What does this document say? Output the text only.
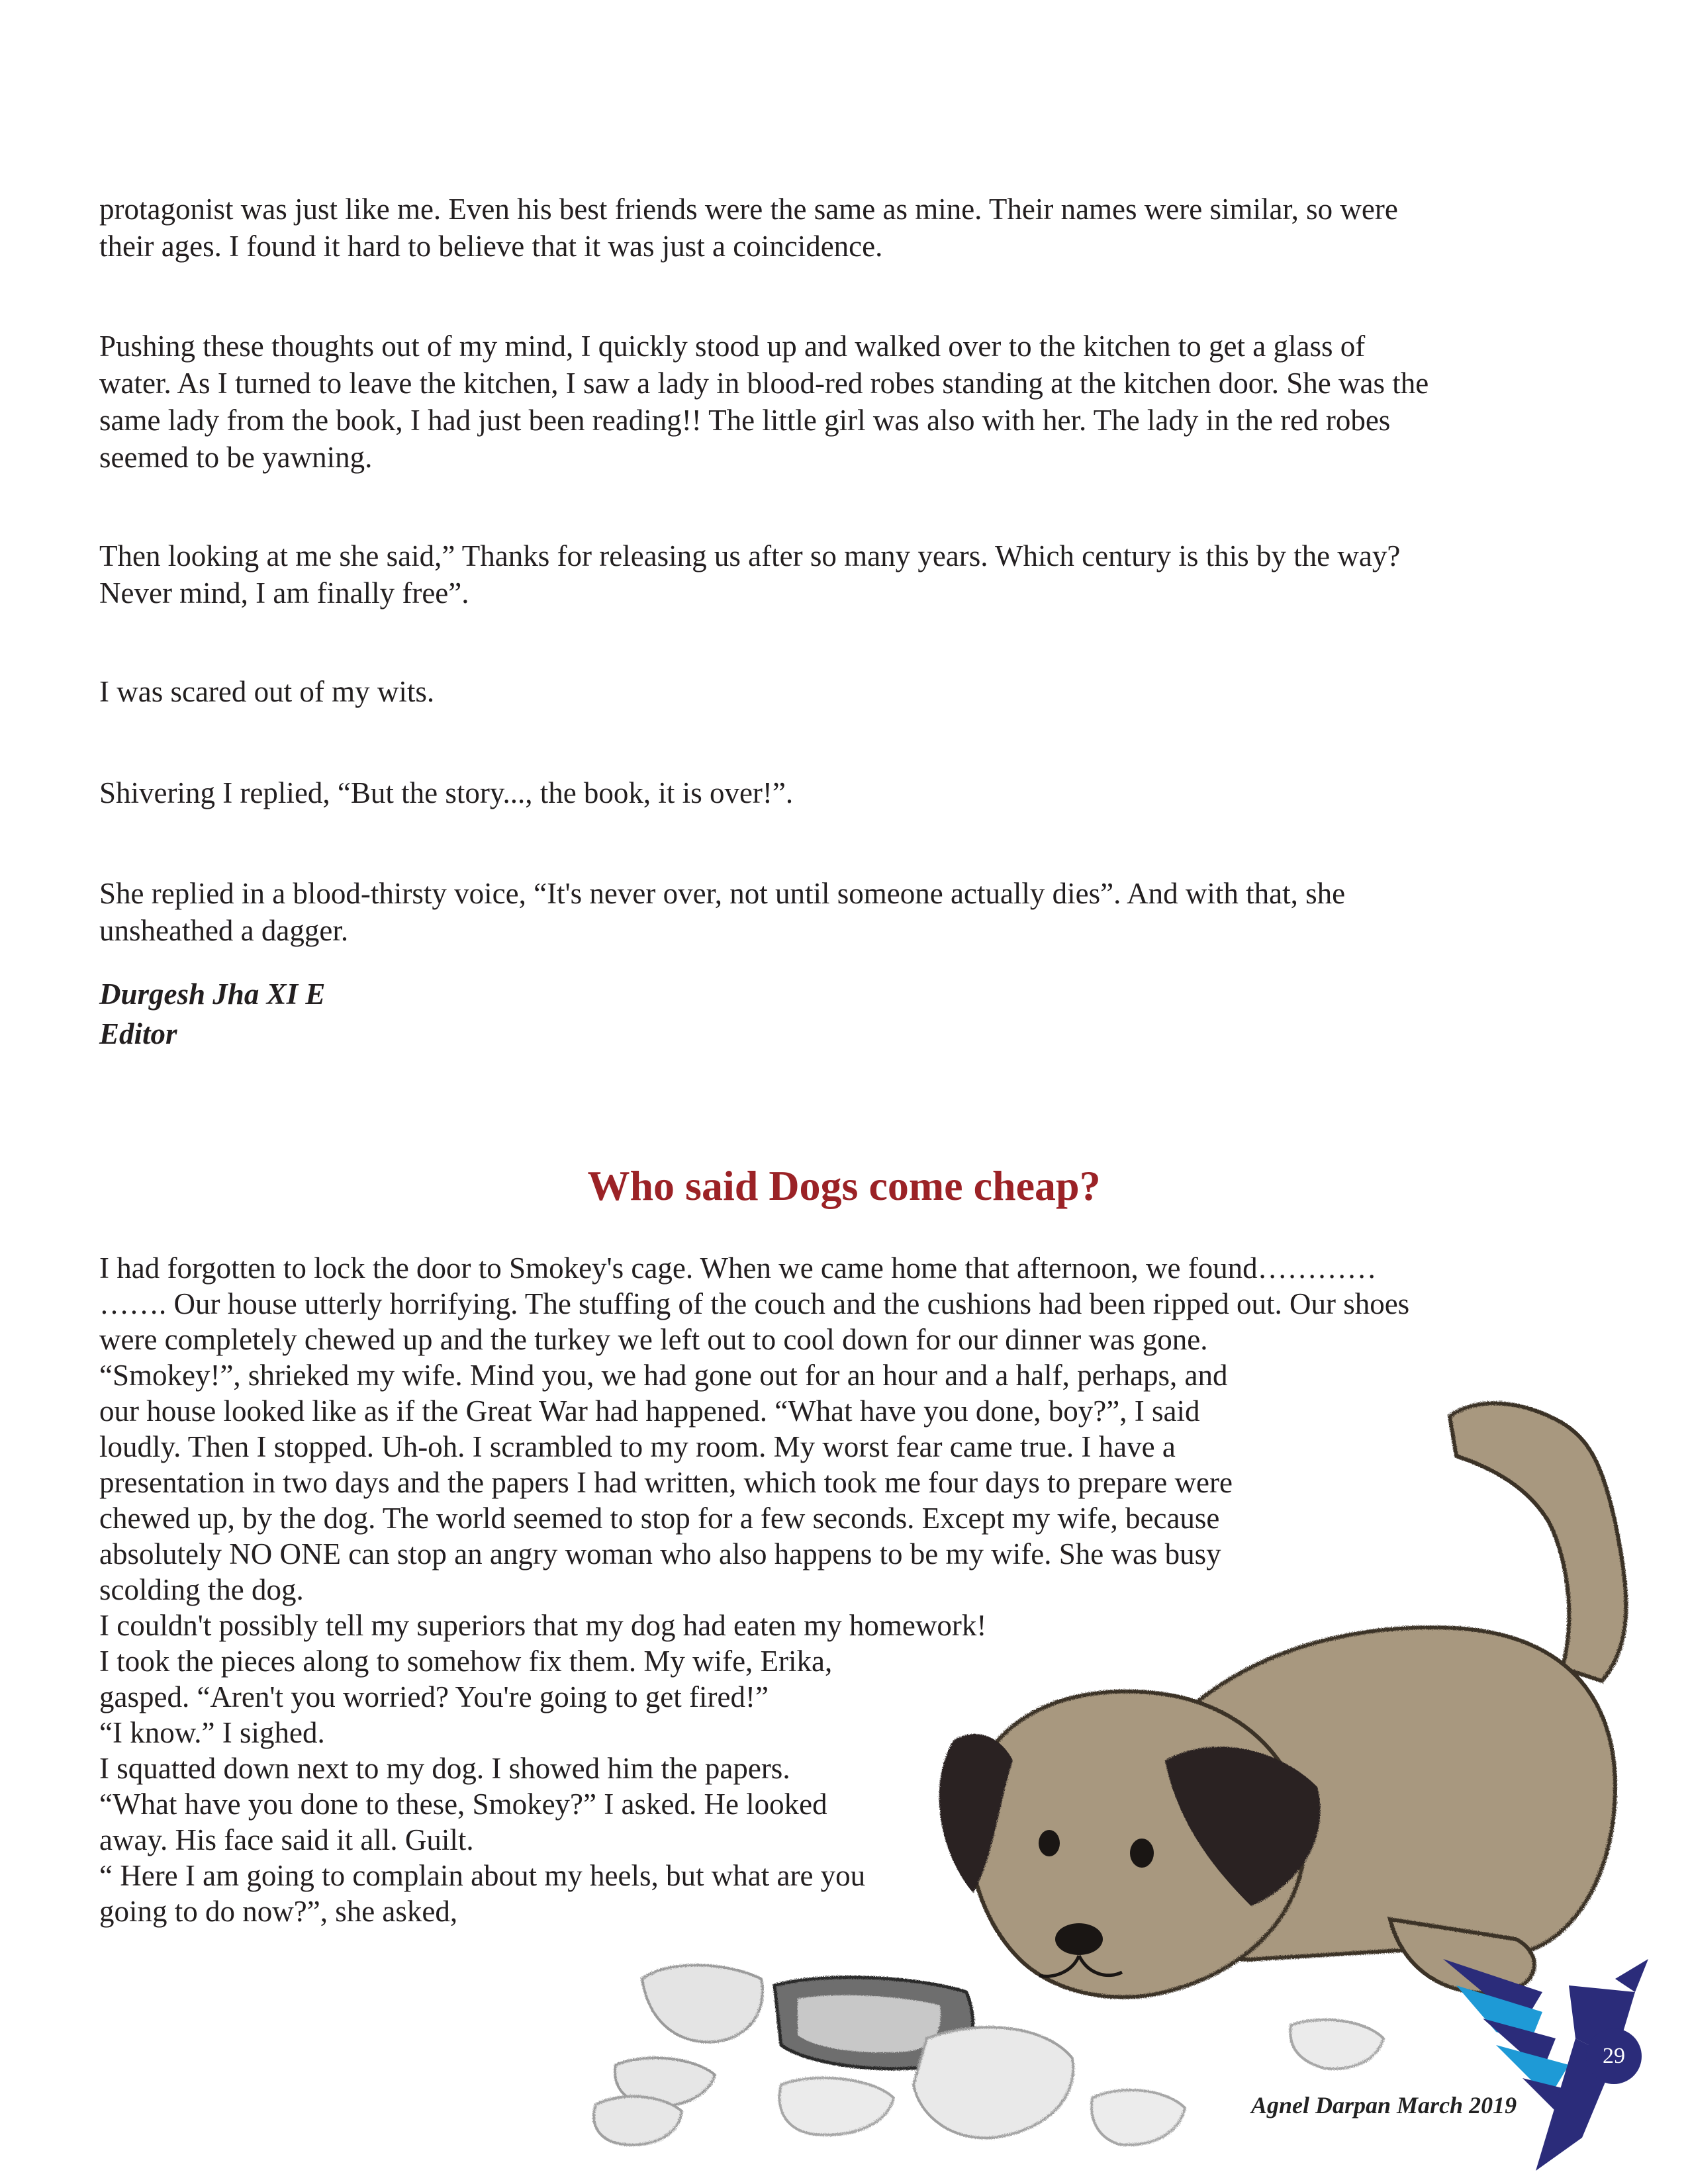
protagonist was just like me. Even his best friends were the same as mine. Their names were similar, so were
their ages. I found it hard to believe that it was just a coincidence.
Pushing these thoughts out of my mind, I quickly stood up and walked over to the kitchen to get a glass of
water. As I turned to leave the kitchen, I saw a lady in blood-red robes standing at the kitchen door. She was the
same lady from the book, I had just been reading!! The little girl was also with her. The lady in the red robes
seemed to be yawning.
Then looking at me she said,” Thanks for releasing us after so many years. Which century is this by the way?
Never mind, I am finally free”.
I was scared out of my wits.
Shivering I replied, “But the story..., the book, it is over!”.
She replied in a blood-thirsty voice, “It's never over, not until someone actually dies”. And with that, she
unsheathed a dagger.
Durgesh Jha XI E
Editor
Who said Dogs come cheap?
I had forgotten to lock the door to Smokey's cage. When we came home that afternoon, we found…………
……. Our house utterly horrifying. The stuffing of the couch and the cushions had been ripped out. Our shoes
were completely chewed up and the turkey we left out to cool down for our dinner was gone.
“Smokey!”, shrieked my wife. Mind you, we had gone out for an hour and a half, perhaps, and
our house looked like as if the Great War had happened. “What have you done, boy?”, I said
loudly. Then I stopped. Uh-oh. I scrambled to my room. My worst fear came true. I have a
presentation in two days and the papers I had written, which took me four days to prepare were
chewed up, by the dog. The world seemed to stop for a few seconds. Except my wife, because
absolutely NO ONE can stop an angry woman who also happens to be my wife. She was busy
scolding the dog.
I couldn't possibly tell my superiors that my dog had eaten my homework!
I took the pieces along to somehow fix them. My wife, Erika,
gasped. “Aren't you worried? You're going to get fired!”
“I know.” I sighed.
I squatted down next to my dog. I showed him the papers.
“What have you done to these, Smokey?” I asked. He looked
away. His face said it all. Guilt.
“ Here I am going to complain about my heels, but what are you
going to do now?”, she asked,
29
Agnel Darpan March 2019
